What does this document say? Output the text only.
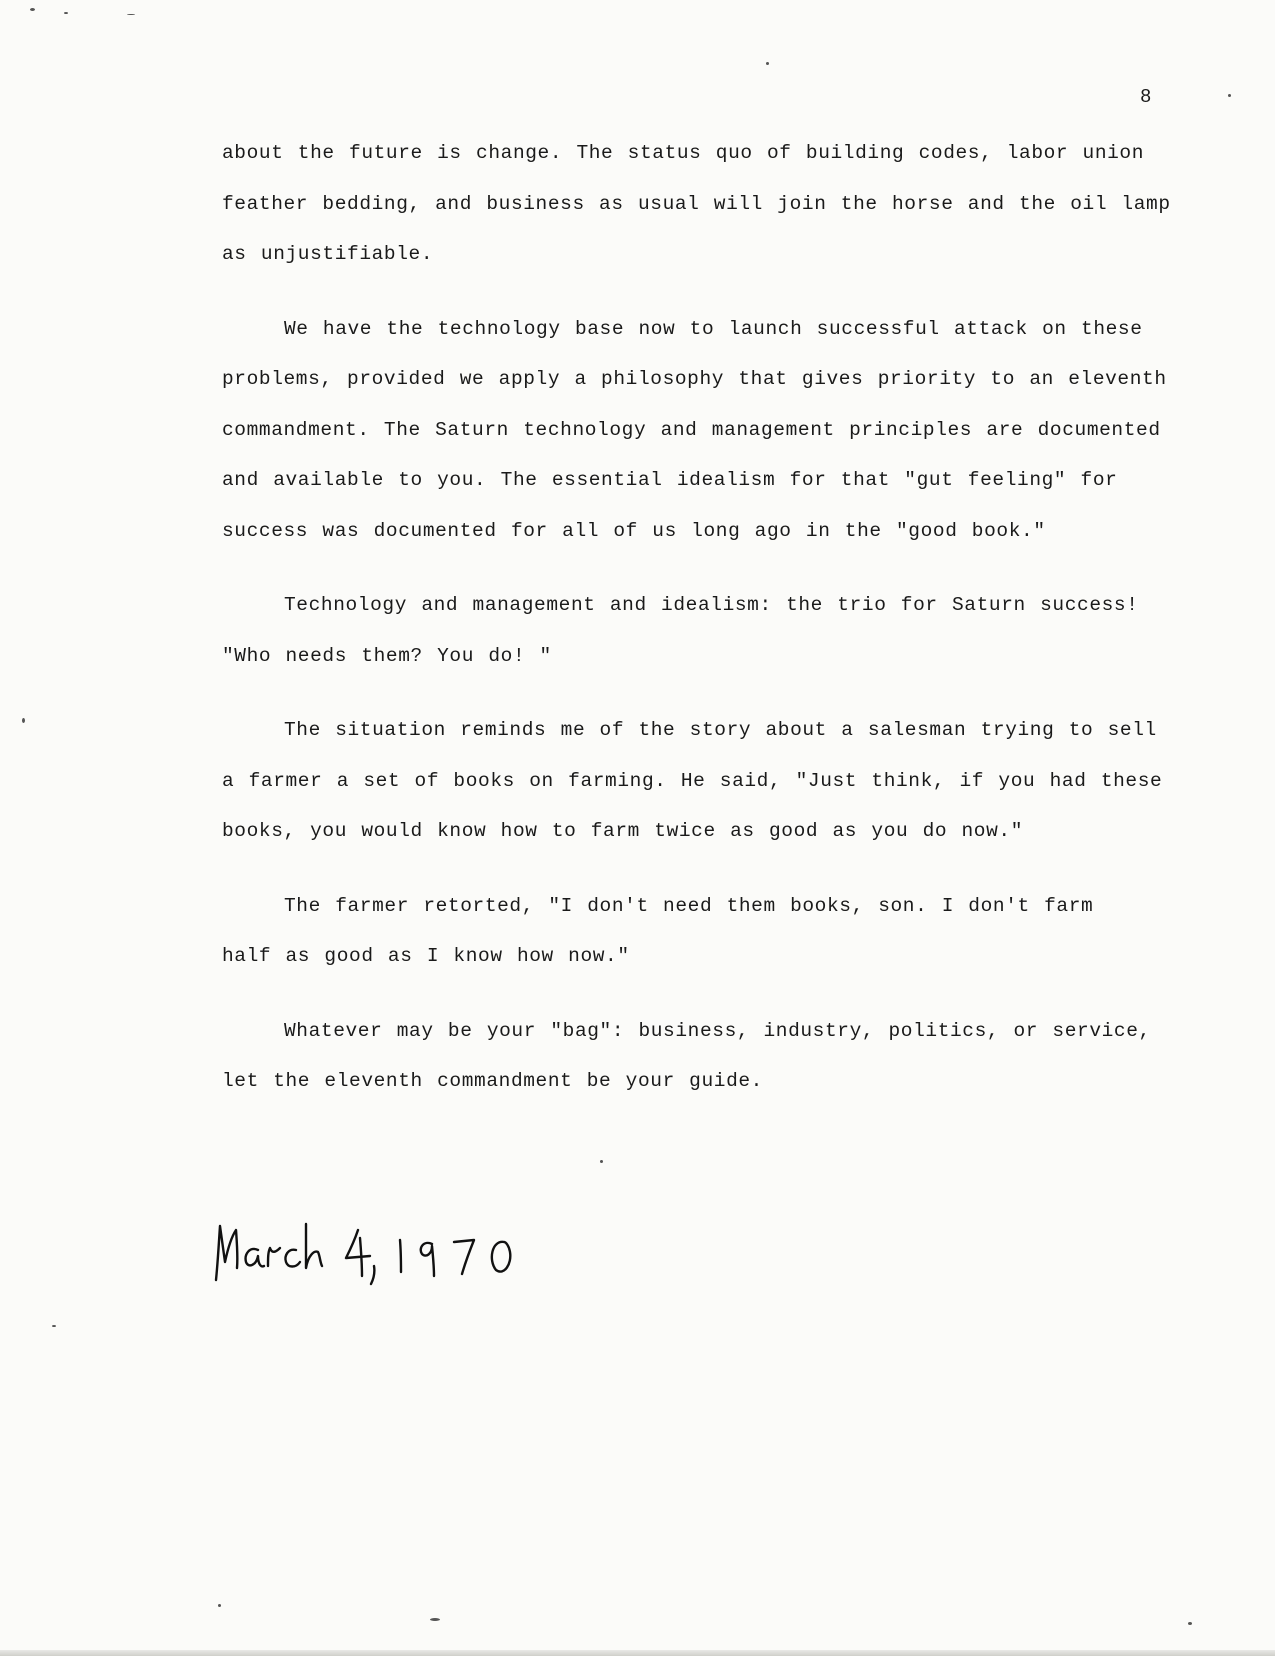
8

about the future is change. The status quo of building codes, labor union

feather bedding, and business as usual will join the horse and the oil lamp

as unjustifiable.

We have the technology base now to launch successful attack on these

problems, provided we apply a philosophy that gives priority to an eleventh

commandment. The Saturn technology and management principles are documented

and available to you. The essential idealism for that "gut feeling" for

success was documented for all of us long ago in the "good book."

Technology and management and idealism: the trio for Saturn success!

"Who needs them? You do! "

The situation reminds me of the story about a salesman trying to sell

a farmer a set of books on farming. He said, "Just think, if you had these

books, you would know how to farm twice as good as you do now."

The farmer retorted, "I don't need them books, son. I don't farm

half as good as I know how now."

Whatever may be your "bag": business, industry, politics, or service,

let the eleventh commandment be your guide.
